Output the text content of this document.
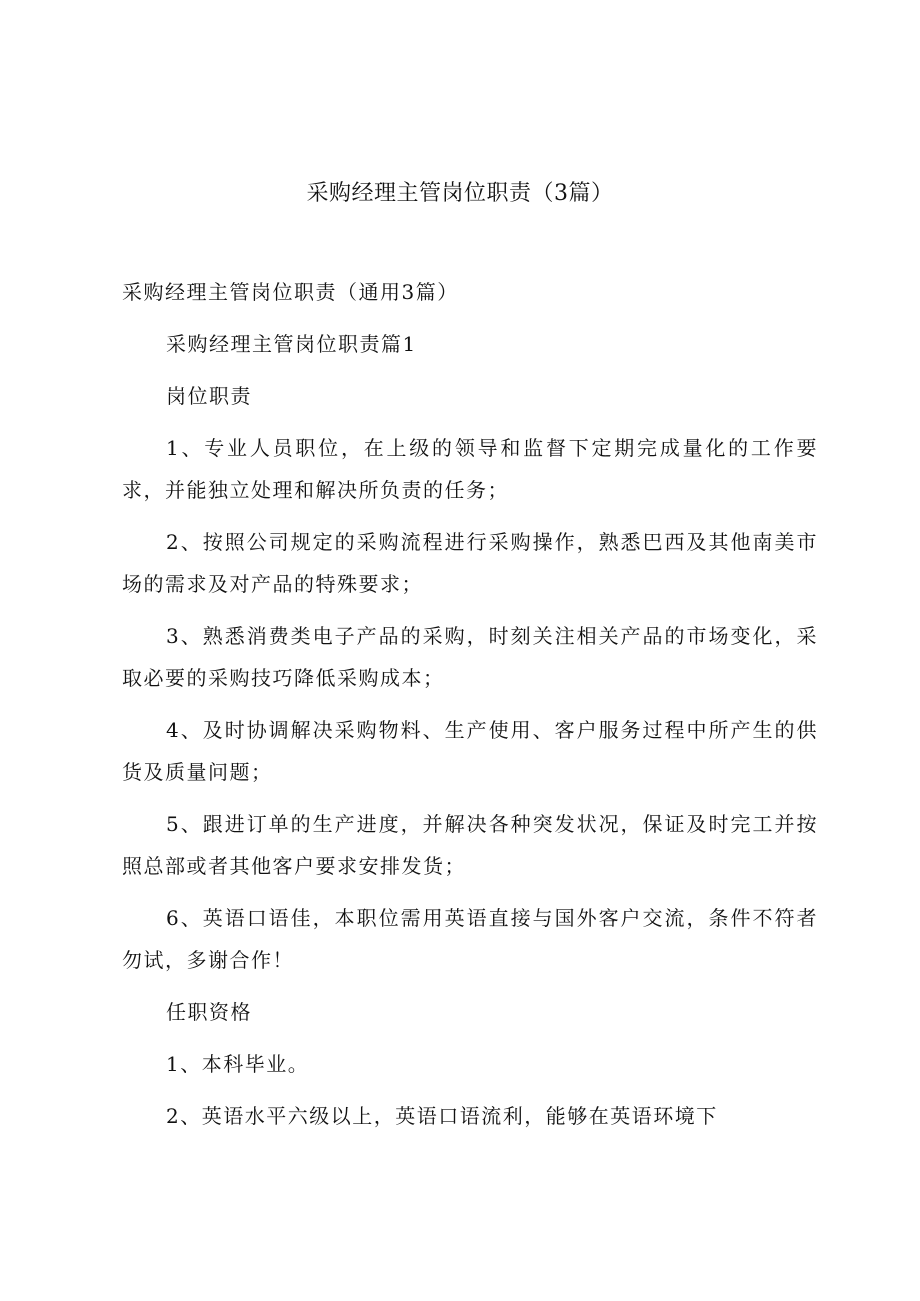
采购经理主管岗位职责（3篇）

采购经理主管岗位职责（通用3篇）

采购经理主管岗位职责篇1

岗位职责

1、专业人员职位，在上级的领导和监督下定期完成量化的工作要求，并能独立处理和解决所负责的任务；

2、按照公司规定的采购流程进行采购操作，熟悉巴西及其他南美市场的需求及对产品的特殊要求；

3、熟悉消费类电子产品的采购，时刻关注相关产品的市场变化，采取必要的采购技巧降低采购成本；

4、及时协调解决采购物料、生产使用、客户服务过程中所产生的供货及质量问题；

5、跟进订单的生产进度，并解决各种突发状况，保证及时完工并按照总部或者其他客户要求安排发货；

6、英语口语佳，本职位需用英语直接与国外客户交流，条件不符者勿试，多谢合作！

任职资格

1、本科毕业。

2、英语水平六级以上，英语口语流利，能够在英语环境下
